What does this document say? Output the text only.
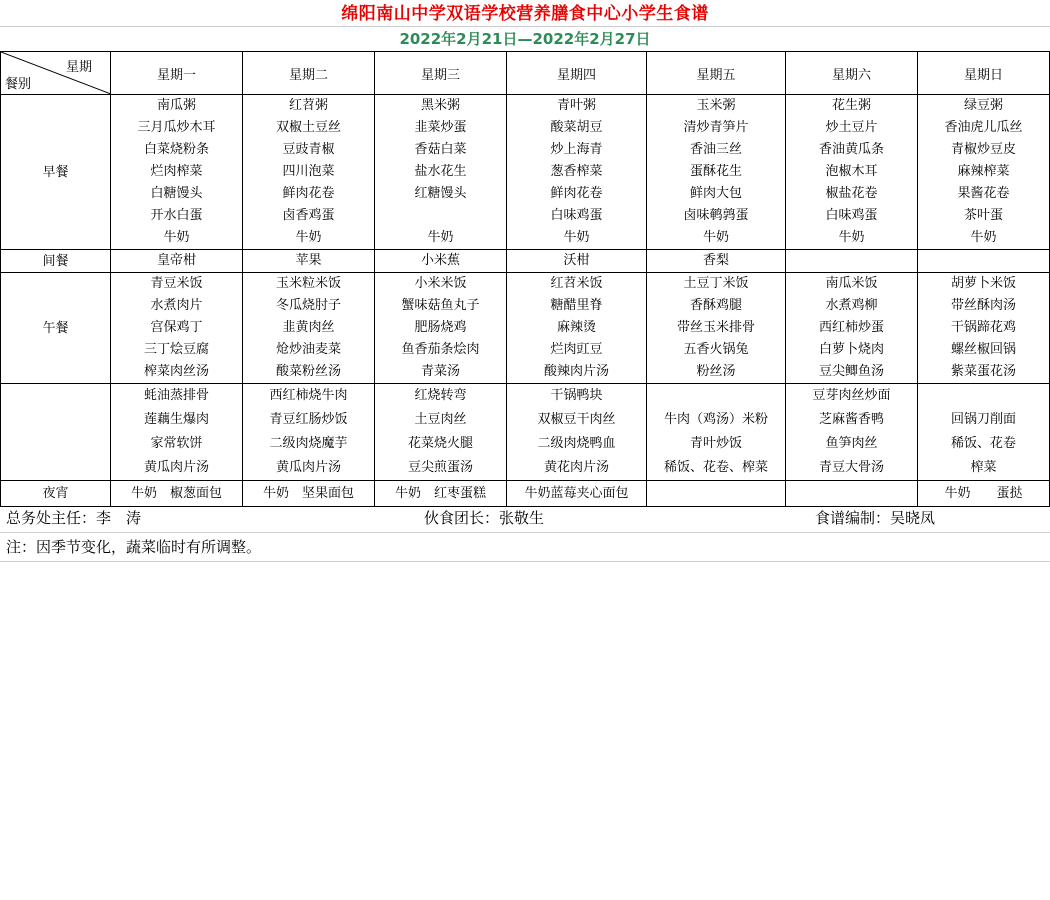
绵阳南山中学双语学校营养膳食中心小学生食谱
2022年2月21日—2022年2月27日
星期
餐别	星期一	星期二	星期三	星期四	星期五	星期六	星期日
早餐	南瓜粥	红苕粥	黑米粥	青叶粥	玉米粥	花生粥	绿豆粥
	三月瓜炒木耳	双椒土豆丝	韭菜炒蛋	酸菜胡豆	清炒青笋片	炒土豆片	香油虎儿瓜丝
	白菜烧粉条	豆豉青椒	香菇白菜	炒上海青	香油三丝	香油黄瓜条	青椒炒豆皮
	烂肉榨菜	四川泡菜	盐水花生	葱香榨菜	蛋酥花生	泡椒木耳	麻辣榨菜
	白糖馒头	鲜肉花卷	红糖馒头	鲜肉花卷	鲜肉大包	椒盐花卷	果酱花卷
	开水白蛋	卤香鸡蛋		白味鸡蛋	卤味鹌鹑蛋	白味鸡蛋	茶叶蛋
	牛奶	牛奶	牛奶	牛奶	牛奶	牛奶	牛奶
间餐	皇帝柑	苹果	小米蕉	沃柑	香梨		
午餐	青豆米饭	玉米粒米饭	小米米饭	红苕米饭	土豆丁米饭	南瓜米饭	胡萝卜米饭
	水煮肉片	冬瓜烧肘子	蟹味菇鱼丸子	糖醋里脊	香酥鸡腿	水煮鸡柳	带丝酥肉汤
	宫保鸡丁	韭黄肉丝	肥肠烧鸡	麻辣烫	带丝玉米排骨	西红柿炒蛋	干锅蹄花鸡
	三丁烩豆腐	炝炒油麦菜	鱼香茄条烩肉	烂肉豇豆	五香火锅兔	白萝卜烧肉	螺丝椒回锅
	榨菜肉丝汤	酸菜粉丝汤	青菜汤	酸辣肉片汤	粉丝汤	豆尖鲫鱼汤	紫菜蛋花汤
	蚝油蒸排骨	西红柿烧牛肉	红烧转弯	干锅鸭块		豆芽肉丝炒面	
	莲藕生爆肉	青豆红肠炒饭	土豆肉丝	双椒豆干肉丝	牛肉（鸡汤）米粉	芝麻酱香鸭	回锅刀削面
	家常软饼	二级肉烧魔芋	花菜烧火腿	二级肉烧鸭血	青叶炒饭	鱼笋肉丝	稀饭、花卷
	黄瓜肉片汤	黄瓜肉片汤	豆尖煎蛋汤	黄花肉片汤	稀饭、花卷、榨菜	青豆大骨汤	榨菜
夜宵	牛奶　椒葱面包	牛奶　坚果面包	牛奶　红枣蛋糕	牛奶蓝莓夹心面包			牛奶　　蛋挞
总务处主任：李　涛	伙食团长：张敬生	食谱编制：吴晓凤
注：因季节变化，蔬菜临时有所调整。
